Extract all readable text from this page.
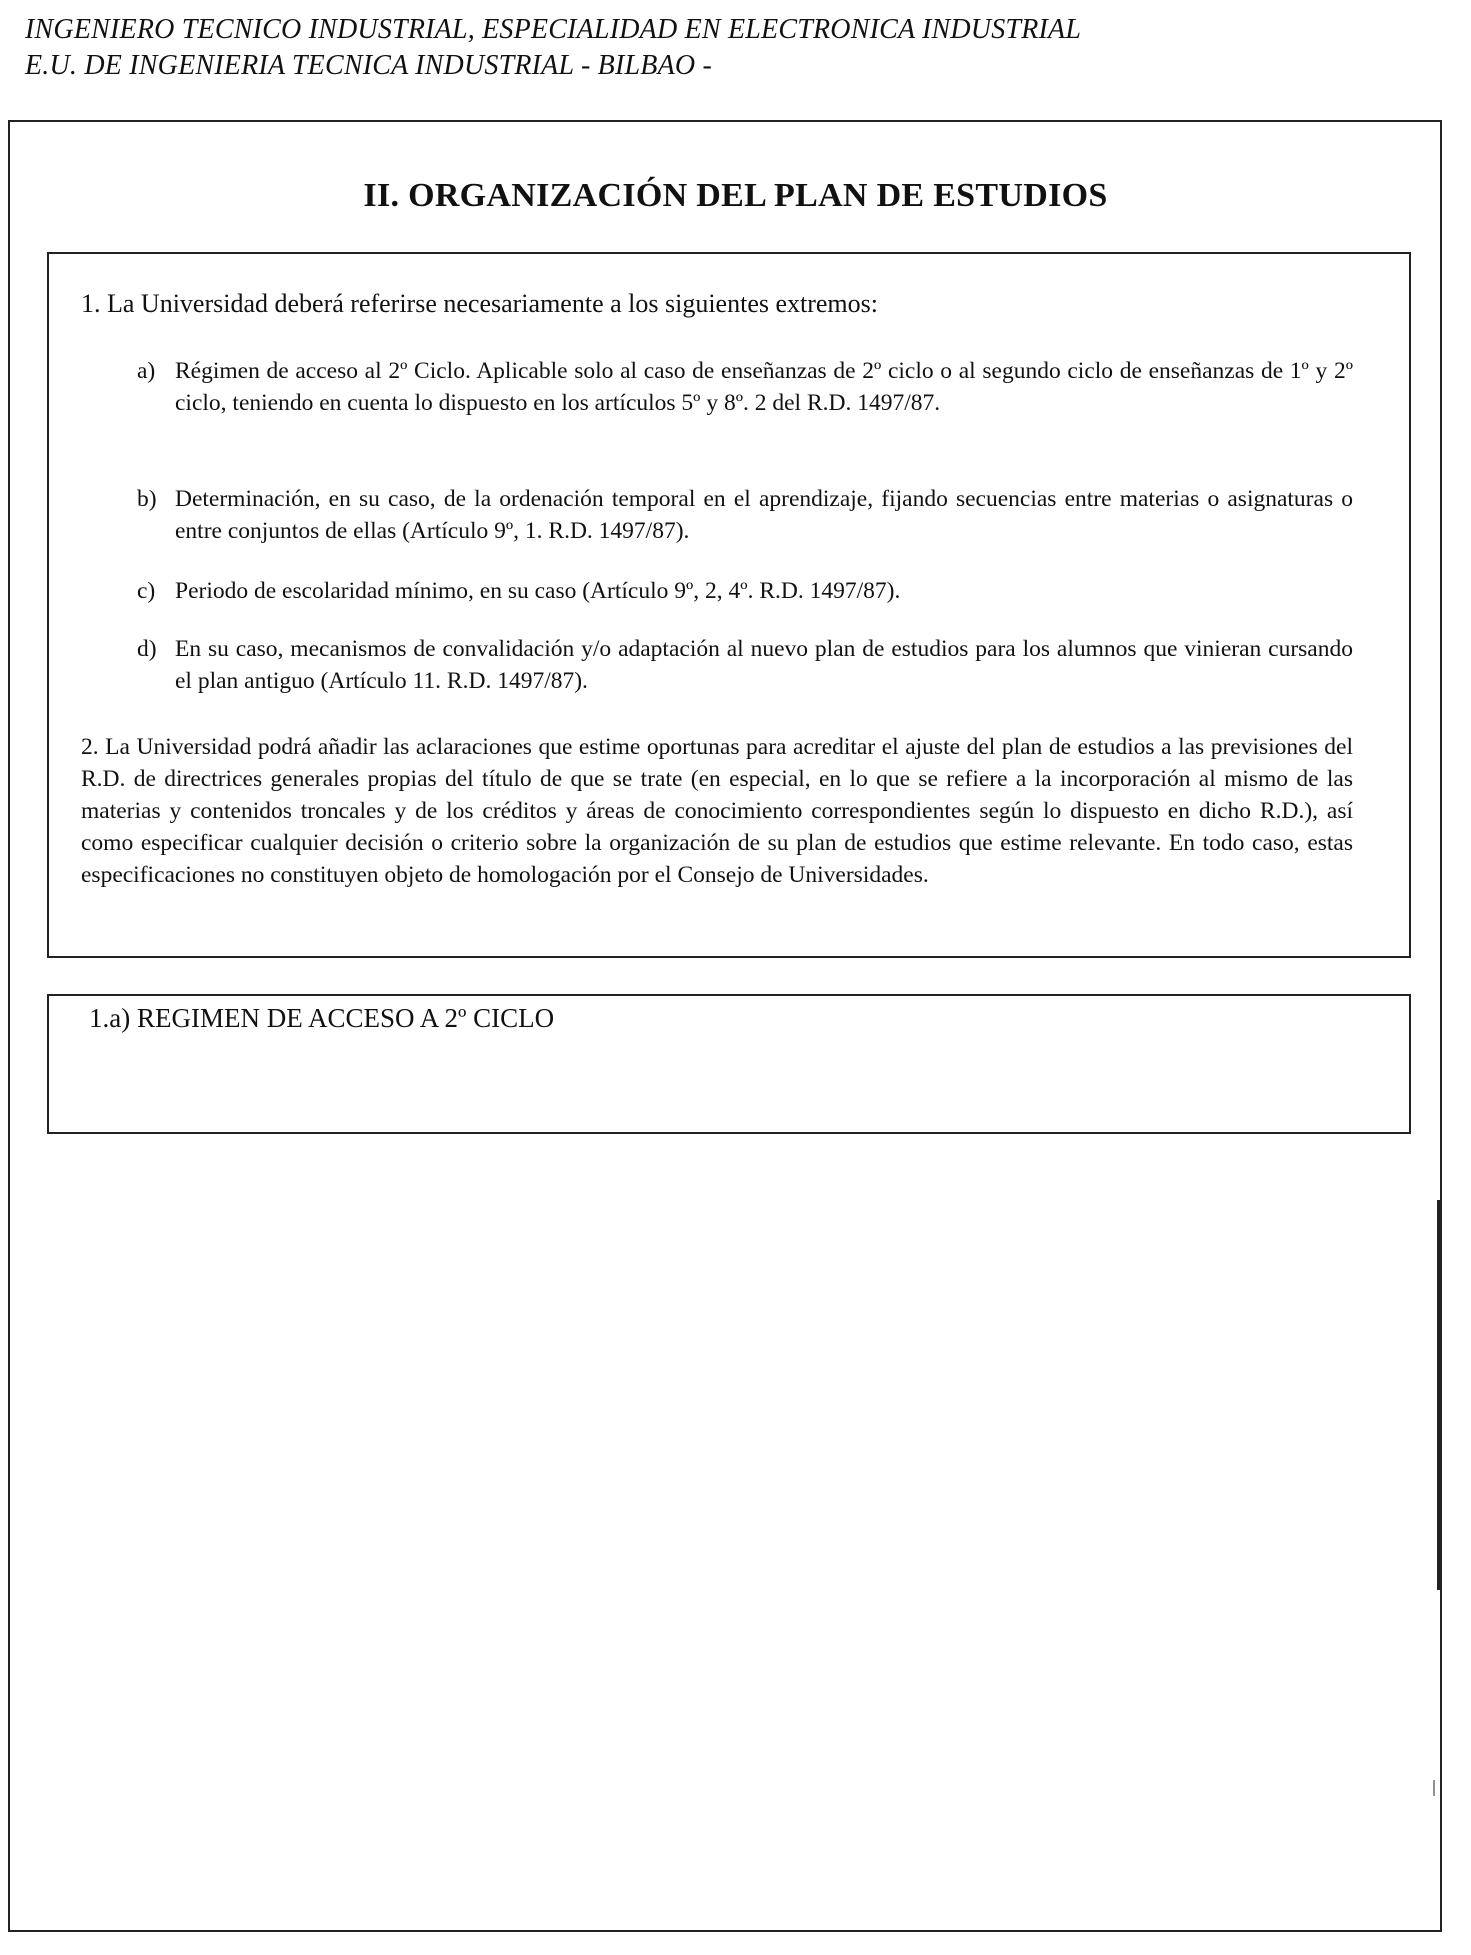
INGENIERO TECNICO INDUSTRIAL, ESPECIALIDAD EN ELECTRONICA INDUSTRIAL
E.U. DE INGENIERIA TECNICA INDUSTRIAL - BILBAO -
II. ORGANIZACIÓN DEL PLAN DE ESTUDIOS
1. La Universidad deberá referirse necesariamente a los siguientes extremos:
a) Régimen de acceso al 2º Ciclo. Aplicable solo al caso de enseñanzas de 2º ciclo o al segundo ciclo de enseñanzas de 1º y 2º ciclo, teniendo en cuenta lo dispuesto en los artículos 5º y 8º. 2 del R.D. 1497/87.
b) Determinación, en su caso, de la ordenación temporal en el aprendizaje, fijando secuencias entre materias o asignaturas o entre conjuntos de ellas (Artículo 9º, 1. R.D. 1497/87).
c) Periodo de escolaridad mínimo, en su caso (Artículo 9º, 2, 4º. R.D. 1497/87).
d) En su caso, mecanismos de convalidación y/o adaptación al nuevo plan de estudios para los alumnos que vinieran cursando el plan antiguo (Artículo 11. R.D. 1497/87).
2. La Universidad podrá añadir las aclaraciones que estime oportunas para acreditar el ajuste del plan de estudios a las previsiones del R.D. de directrices generales propias del título de que se trate (en especial, en lo que se refiere a la incorporación al mismo de las materias y contenidos troncales y de los créditos y áreas de conocimiento correspondientes según lo dispuesto en dicho R.D.), así como especificar cualquier decisión o criterio sobre la organización de su plan de estudios que estime relevante. En todo caso, estas especificaciones no constituyen objeto de homologación por el Consejo de Universidades.
1.a) REGIMEN DE ACCESO A 2º CICLO
